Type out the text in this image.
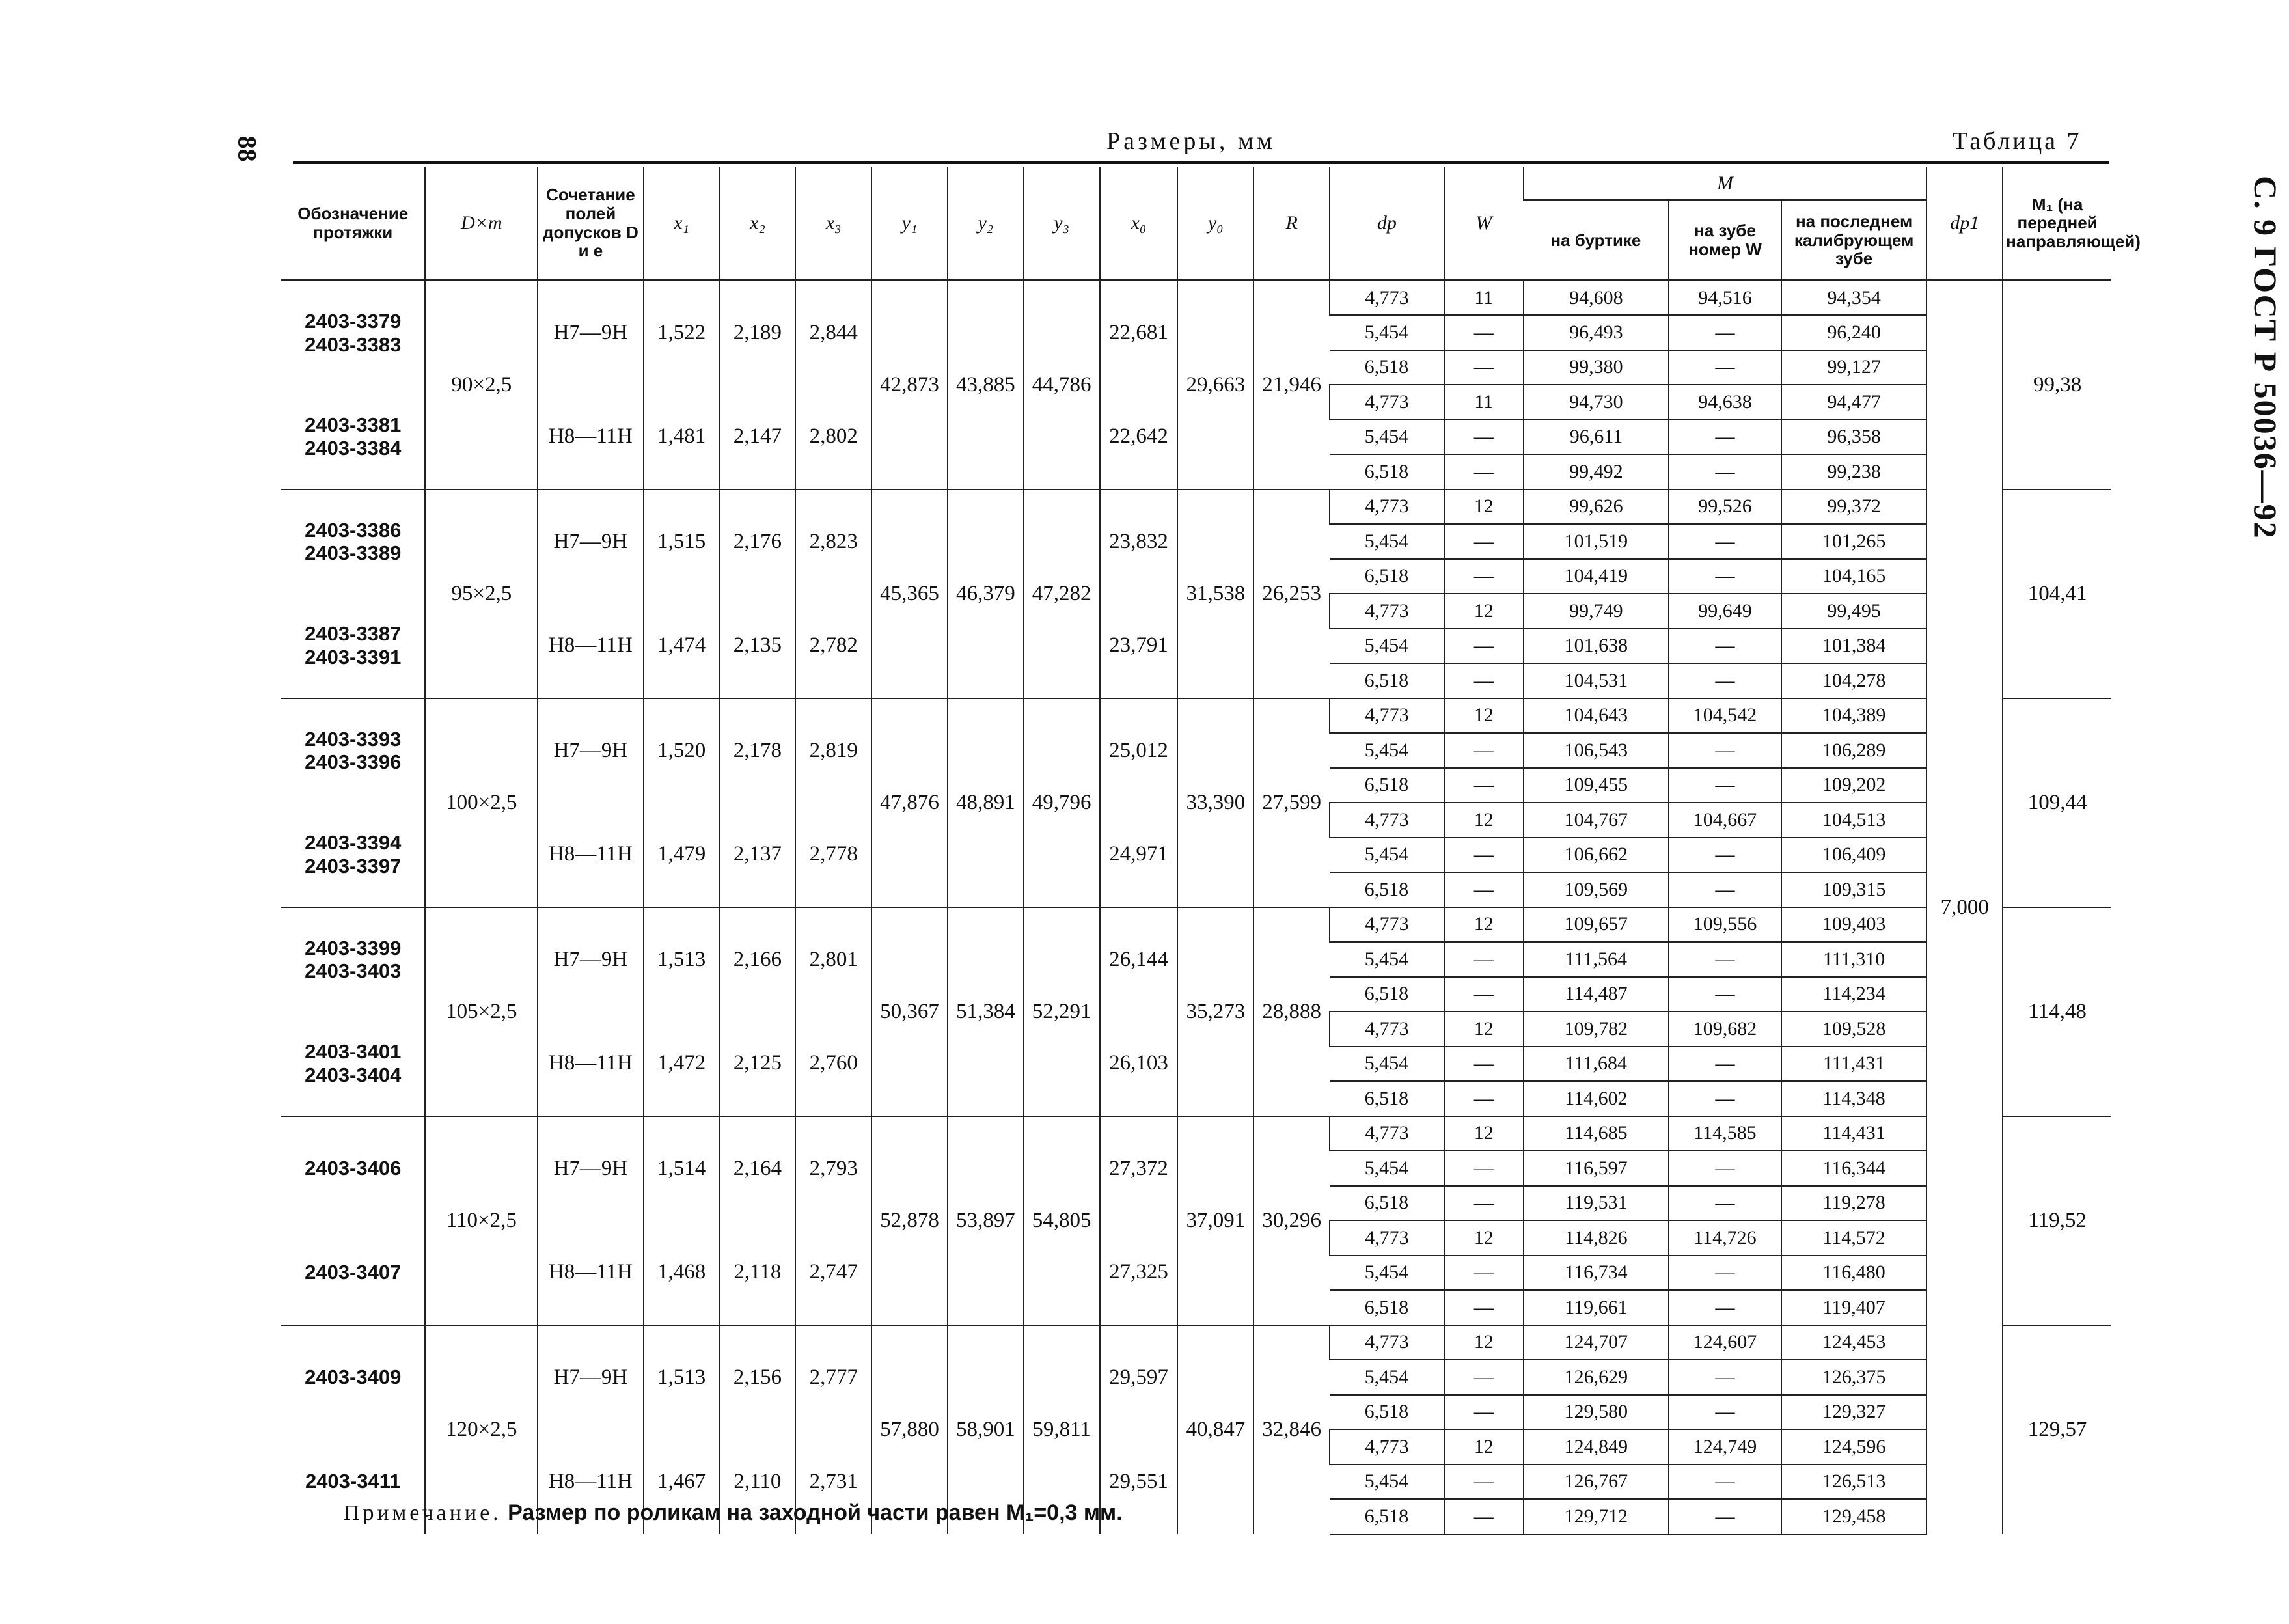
88
С. 9 ГОСТ Р 50036—92
Размеры, мм	Таблица 7
Обозначение протяжки	D×m	Сочетание полей допусков D и e	x₁	x₂	x₃	y₁	y₂	y₃	x₀	y₀	R	dp	W	M			dp1	M₁ (на передней направляющей)
														на буртике	на зубе номер W	на последнем калибрующем зубе		

2403-3379
2403-3383	90×2,5	H7—9H	1,522	2,189	2,844	42,873	43,885	44,786	22,681	29,663	2‍1,946	4,773	11	94,608	94,516	94,354	7,000	99,38
												5,454	—	96,493	—	96,240		
												6,518	—	99,380	—	99,127		

2403-3381
2403-3384		H8—11H	1,481	2,147	2,802				22,642			4,773	11	94,730	94,638	94,477		
												5,454	—	96,611	—	96,358		
												6,518	—	99,492	—	99,238		

2403-3386
2403-3389	95×2,5	H7—9H	1,515	2,176	2,823	45,365	46,379	47,282	23,832	31,538	26,253	4,773	12	99,626	99,526	99,372		104,41
												5,454	—	101,519	—	101,265		
												6,518	—	104,419	—	104,165		

2403-3387
2403-3391		H8—11H	1,474	2,135	2,782				23,791			4,773	12	99,749	99,649	99,495		
												5,454	—	101,638	—	101,384		
												6,518	—	104,531	—	104,278		

2403-3393
2403-3396	100×2,5	H7—9H	1,520	2,178	2,819	47,876	48,891	49,796	25,012	33,390	27,599	4,773	12	104,643	104,542	104,389		109,44
												5,454	—	106,543	—	106,289		
												6,518	—	109,455	—	109,202		

2403-3394
2403-3397		H8—11H	1,479	2,137	2,778				24,971			4,773	12	104,767	104,667	104,513		
												5,454	—	106,662	—	106,409		
												6,518	—	109,569	—	109,315		

2403-3399
2403-3403	105×2,5	H7—9H	1,513	2,166	2,801	50,367	51,384	52,291	26,144	35,273	28,888	4,773	12	109,657	109,556	109,403		114,48
												5,454	—	111,564	—	111,310		
												6,518	—	114,487	—	114,234		

2403-3401
2403-3404		H8—11H	1,472	2,125	2,760				26,103			4,773	12	109,782	109,682	109,528		
												5,454	—	111,684	—	111,431		
												6,518	—	114,602	—	114,348		

2403-3406	110×2,5	H7—9H	1,514	2,164	2,793	52,878	53,897	54,805	27,372	37,091	30,296	4,773	12	114,685	114,585	114,431		119,52
												5,454	—	116,597	—	116,344		
												6,518	—	119,531	—	119,278		

2403-3407		H8—11H	1,468	2,118	2,747				27,325			4,773	12	114,826	114,726	114,572		
												5,454	—	116,734	—	116,480		
												6,518	—	119,661	—	119,407		

2403-3409	120×2,5	H7—9H	1,513	2,156	2,777	57,880	58,901	59,811	29,597	40,847	32,846	4,773	12	124,707	124,607	124,453		129,57
												5,454	—	126,629	—	126,375		
												6,518	—	129,580	—	129,327		

2403-3411		H8—11H	1,467	2,110	2,731				29,551			4,773	12	124,849	124,749	124,596		
												5,454	—	126,767	—	126,513		
												6,518	—	129,712	—	129,458		
Примечание. Размер по роликам на заходной части равен M₁=0,3 мм.
